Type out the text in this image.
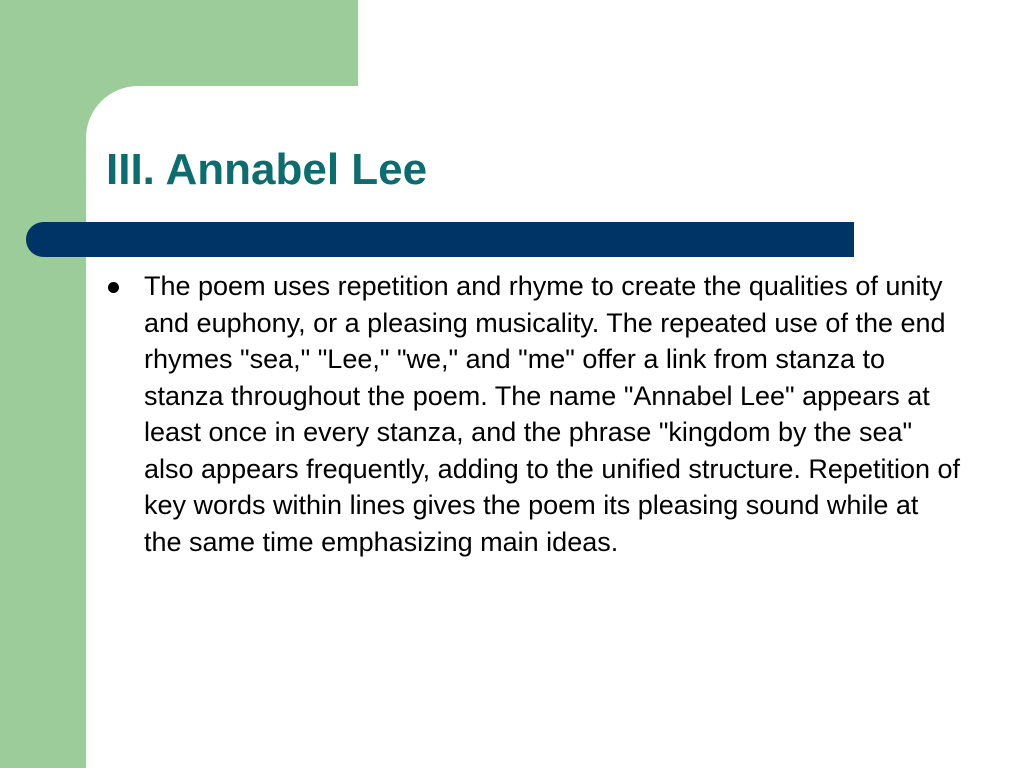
III. Annabel Lee
The poem uses repetition and rhyme to create the qualities of unity and euphony, or a pleasing musicality. The repeated use of the end rhymes "sea," "Lee," "we," and "me" offer a link from stanza to stanza throughout the poem. The name "Annabel Lee" appears at least once in every stanza, and the phrase "kingdom by the sea" also appears frequently, adding to the unified structure. Repetition of key words within lines gives the poem its pleasing sound while at the same time emphasizing main ideas.
